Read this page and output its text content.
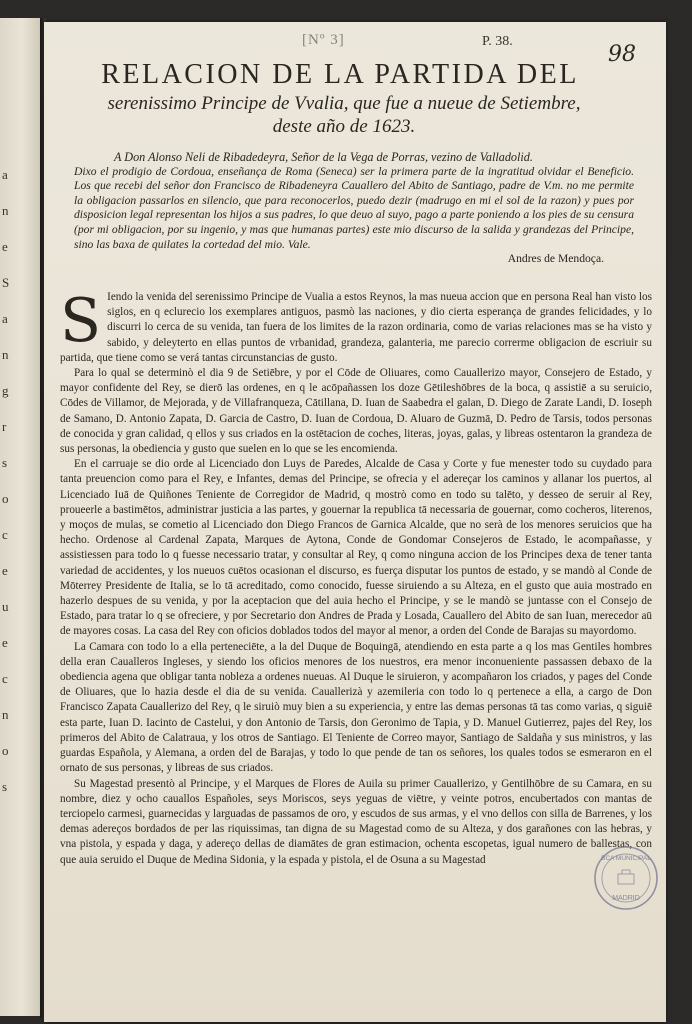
a
n
e
S
a
n
g
r
s
o
c
e
u
e
c
n
o
s
[Nº 3]	P. 38.
98
RELACION DE LA PARTIDA DEL
serenissimo Principe de Vvalia, que fue a nueue de Setiembre,
deste año de 1623.
A Don Alonso Neli de Ribadedeyra, Señor de la Vega de Porras, vezino de Valladolid.
Dixo el prodigio de Cordoua, enseñança de Roma (Seneca) ser la primera parte de la ingratitud olvidar el Beneficio. Los que recebi del señor don Francisco de Ribadeneyra Cauallero del Abito de Santiago, padre de V.m. no me permite la obligacion passarlos en silencio, que para reconocerlos, puedo dezir (madrugo en mi el sol de la razon) y pues por disposicion legal representan los hijos a sus padres, lo que deuo al suyo, pago a parte poniendo a los pies de su censura (por mi obligacion, por su ingenio, y mas que humanas partes) este mio discurso de la salida y grandezas del Principe, sino las baxa de quilates la cortedad del mio. Vale.
Andres de Mendoça.

S Iendo la venida del serenissimo Principe de Vualia a estos Reynos, la mas nueua accion que en persona Real han visto los siglos, en q eclurecio los exemplares antiguos, pasmò las naciones, y dio cierta esperança de grandes felicidades, y lo discurri lo cerca de su venida, tan fuera de los limites de la razon ordinaria, como de varias relaciones mas se ha visto y sabido, y deleyterto en ellas puntos de vrbanidad, grandeza, galanteria, me parecio correrme obligacion de escriuir su partida, que tiene como se verá tantas circunstancias de gusto.

Para lo qual se determinò el dia 9 de Setiēbre, y por el Cōde de Oliuares, como Cauallerizo mayor, Consejero de Estado, y mayor confidente del Rey, se dierō las ordenes, en q le acōpañassen los doze Gētileshōbres de la boca, q assistiē a su seruicio, Cōdes de Villamor, de Mejorada, y de Villafranqueza, Cātillana, D. Iuan de Saabedra el galan, D. Diego de Zarate Landi, D. Ioseph de Samano, D. Antonio Zapata, D. Garcia de Castro, D. Iuan de Cordoua, D. Aluaro de Guzmā, D. Pedro de Tarsis, todos personas de conocida y gran calidad, q ellos y sus criados en la ostētacion de coches, literas, joyas, galas, y libreas ostentaron la grandeza de sus personas, la obediencia y gusto que suelen en lo que se les encomienda.

En el carruaje se dio orde al Licenciado don Luys de Paredes, Alcalde de Casa y Corte y fue menester todo su cuydado para tanta preuencion como para el Rey, e Infantes, demas del Principe, se ofrecia y el adereçar los caminos y allanar los puertos, al Licenciado Iuā de Quiñones Teniente de Corregidor de Madrid, q mostrò como en todo su talēto, y desseo de seruir al Rey, proueerle a bastimētos, administrar justicia a las partes, y gouernar la republica tā necessaria de gouernar, como cocheros, literenos, y moços de mulas, se cometio al Licenciado don Diego Francos de Garnica Alcalde, que no serà de los menores seruicios que ha hecho. Ordenose al Cardenal Zapata, Marques de Aytona, Conde de Gondomar Consejeros de Estado, le acompañasse, y assistiessen para todo lo q fuesse necessario tratar, y consultar al Rey, q como ninguna accion de los Principes dexa de tener tanta variedad de accidentes, y los nueuos cuētos ocasionan el discurso, es fuerça disputar los puntos de estado, y se mandò al Conde de Mōterrey Presidente de Italia, se lo tā acreditado, como conocido, fuesse siruiendo a su Alteza, en el gusto que auia mostrado en hazerlo despues de su venida, y por la aceptacion que del auia hecho el Principe, y se le mandò se juntasse con el Consejo de Estado, para tratar lo q se ofreciere, y por Secretario don Andres de Prada y Losada, Cauallero del Abito de san Iuan, merecedor aū de mayores cosas. La casa del Rey con oficios doblados todos del mayor al menor, a orden del Conde de Barajas su mayordomo.

La Camara con todo lo a ella perteneciēte, a la del Duque de Boquingā, atendiendo en esta parte a q los mas Gentiles hombres della eran Caualleros Ingleses, y siendo los oficios menores de los nuestros, era menor inconueniente passassen debaxo de la obediencia agena que obligar tanta nobleza a ordenes nueuas. Al Duque le siruieron, y acompañaron los criados, y pages del Conde de Oliuares, que lo hazia desde el dia de su venida. Cauallerizà y azemileria con todo lo q pertenece a ella, a cargo de Don Francisco Zapata Cauallerizo del Rey, q le siruiò muy bien a su experiencia, y entre las demas personas tā tas como varias, q siguiē esta parte, Iuan D. Iacinto de Castelui, y don Antonio de Tarsis, don Geronimo de Tapia, y D. Manuel Gutierrez, pajes del Rey, los primeros del Abito de Calatraua, y los otros de Santiago. El Teniente de Correo mayor, Santiago de Saldaña y sus ministros, y las guardas Española, y Alemana, a orden del de Barajas, y todo lo que pende de tan os señores, los quales todos se esmeraron en el ornato de sus personas, y libreas de sus criados.

Su Magestad presentò al Principe, y el Marques de Flores de Auila su primer Cauallerizo, y Gentilhōbre de su Camara, en su nombre, diez y ocho cauallos Españoles, seys Moriscos, seys yeguas de viētre, y veinte potros, encubertados con mantas de terciopelo carmesi, guarnecidas y larguadas de passamos de oro, y escudos de sus armas, y el vno dellos con silla de Barrenes, y los demas adereços bordados de per las riquissimas, tan digna de su Magestad como de su Alteza, y dos garañones con las hebras, y vna pistola, y espada y daga, y adereço dellas de diamātes de gran estimacion, ochenta escopetas, igual numero de ballestas, con que auia seruido el Duque de Medina Sidonia, y la espada y pistola, el de Osuna a su Magestad	BCA MUNICIPAL
MADRID
